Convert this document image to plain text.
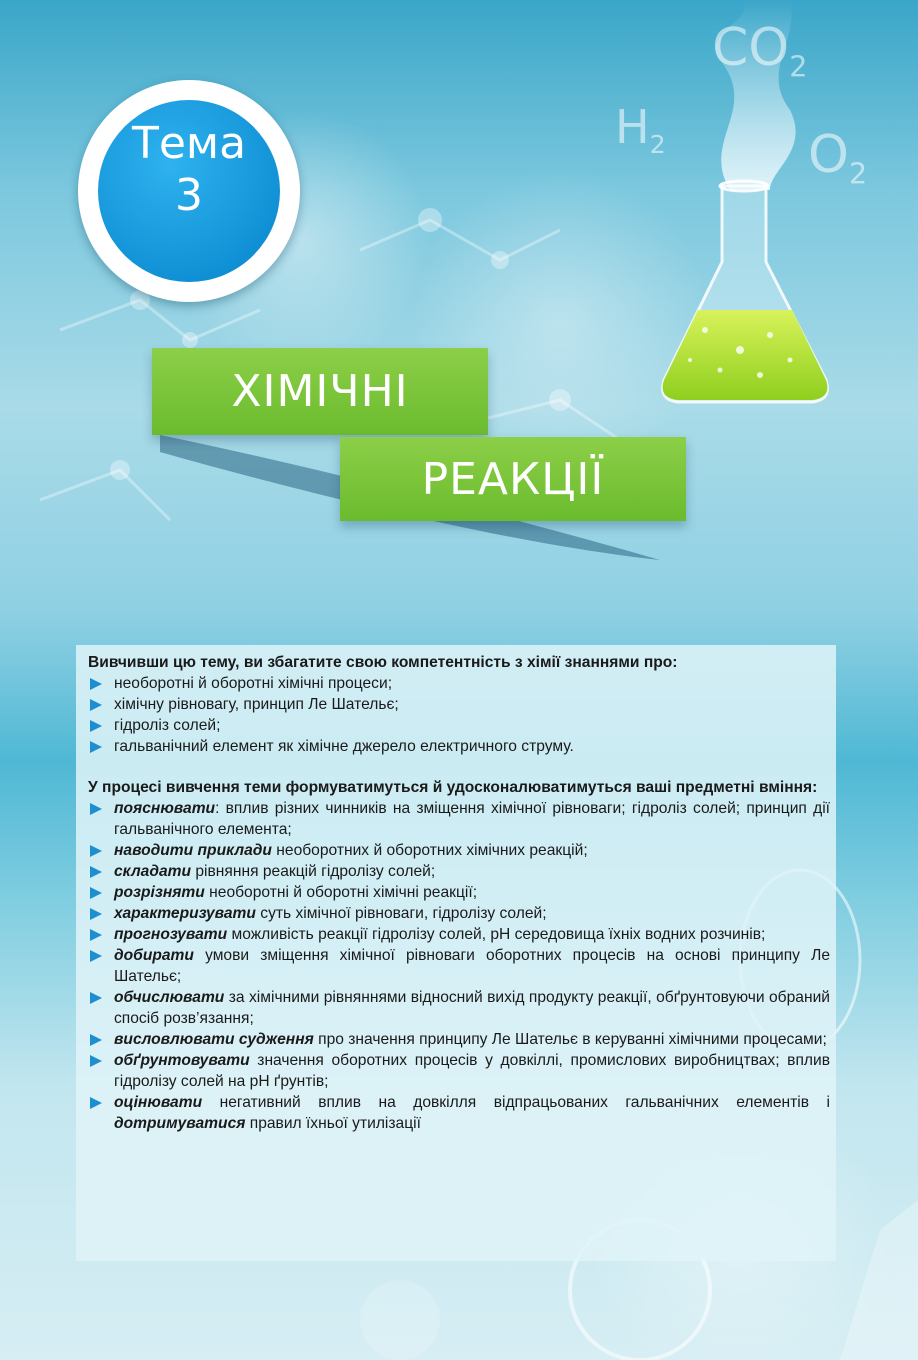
$CO_2$
$H_2$	$O_2$
Тема
3
ХІМІЧНІ
РЕАКЦІЇ

Вивчивши цю тему, ви збагатите свою компетентність з хімії знаннями про:

необоротні й оборотні хімічні процеси;
хімічну рівновагу, принцип Ле Шательє;
гідроліз солей;
гальванічний елемент як хімічне джерело електричного струму.

У процесі вивчення теми формуватимуться й удосконалюватимуться ваші предметні вміння:

пояснювати: вплив різних чинників на зміщення хімічної рівноваги; гідроліз солей; принцип дії гальванічного елемента;
наводити приклади необоротних й оборотних хімічних реакцій;
складати рівняння реакцій гідролізу солей;
розрізняти необоротні й оборотні хімічні реакції;
характеризувати суть хімічної рівноваги, гідролізу солей;
прогнозувати можливість реакції гідролізу солей, pH середовища їхніх водних розчинів;
добирати умови зміщення хімічної рівноваги оборотних процесів на основі принципу Ле Шательє;
обчислювати за хімічними рівняннями відносний вихід продукту реакції, обґрунтовуючи обраний спосіб розв’язання;
висловлювати судження про значення принципу Ле Шательє в керуванні хімічними процесами;
обґрунтовувати значення оборотних процесів у довкіллі, промислових виробництвах; вплив гідролізу солей на pH ґрунтів;
оцінювати негативний вплив на довкілля відпрацьованих гальванічних елементів і дотримуватися правил їхньої утилізації
